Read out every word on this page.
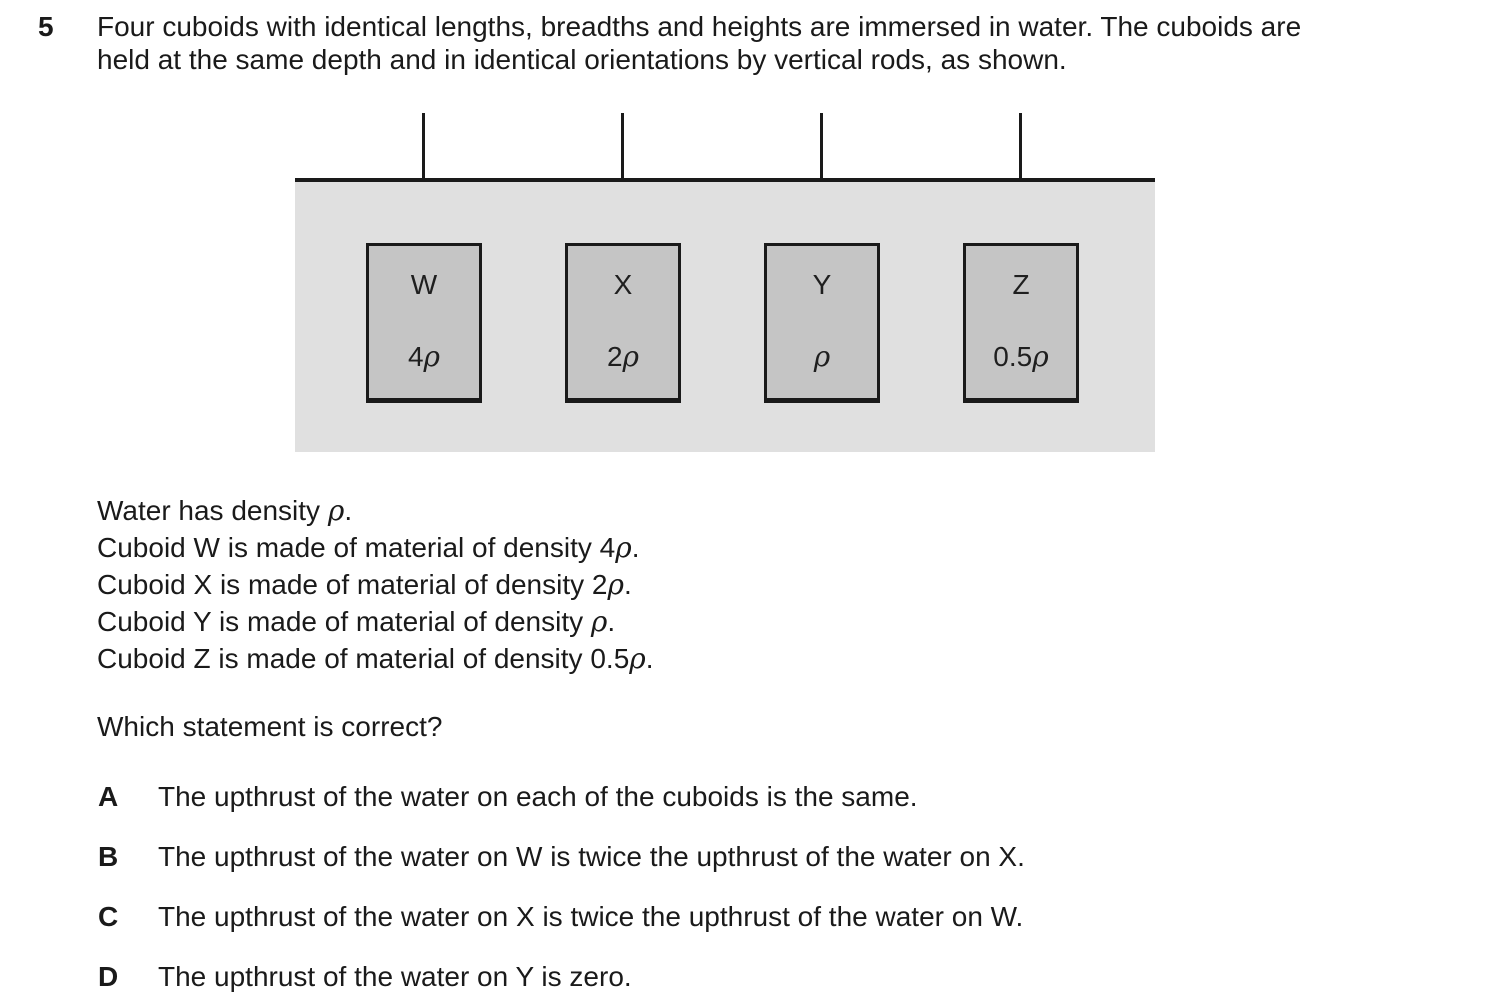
5 Four cuboids with identical lengths, breadths and heights are immersed in water. The cuboids are
held at the same depth and in identical orientations by vertical rods, as shown.
W
4ρ
X
2ρ
Y
ρ
Z
0.5ρ
Water has density ρ.
Cuboid W is made of material of density 4ρ.
Cuboid X is made of material of density 2ρ.
Cuboid Y is made of material of density ρ.
Cuboid Z is made of material of density 0.5ρ.
Which statement is correct?
A The upthrust of the water on each of the cuboids is the same.
B The upthrust of the water on W is twice the upthrust of the water on X.
C The upthrust of the water on X is twice the upthrust of the water on W.
D The upthrust of the water on Y is zero.
